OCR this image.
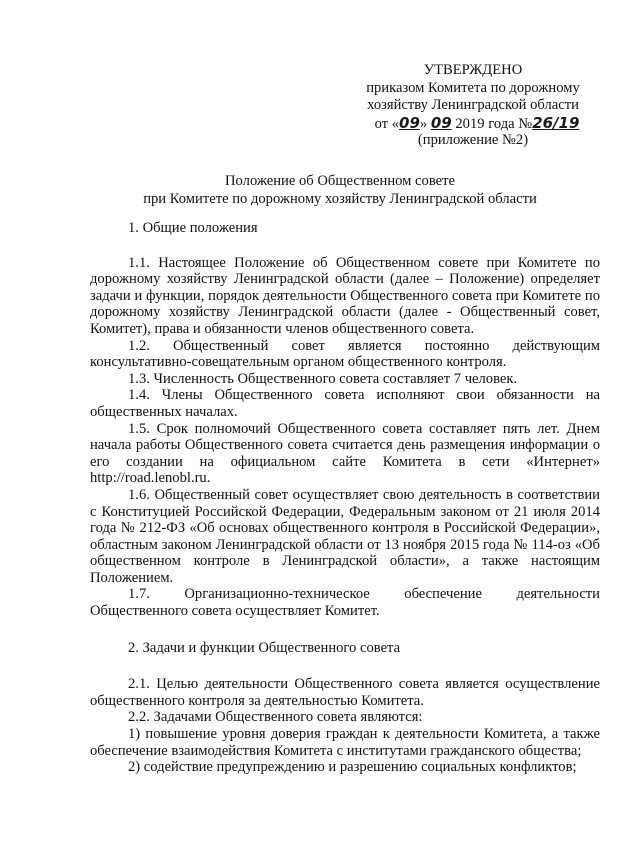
УТВЕРЖДЕНО
приказом Комитета по дорожному
хозяйству Ленинградской области
от «09» 09 2019 года №26/19
(приложение №2)
Положение об Общественном совете
при Комитете по дорожному хозяйству Ленинградской области

1. Общие положения

1.1. Настоящее Положение об Общественном совете при Комитете по дорожному хозяйству Ленинградской области (далее – Положение) определяет задачи и функции, порядок деятельности Общественного совета при Комитете по дорожному хозяйству Ленинградской области (далее - Общественный совет, Комитет), права и обязанности членов общественного совета.

1.2. Общественный совет является постоянно действующим консультативно-совещательным органом общественного контроля.

1.3. Численность Общественного совета составляет 7 человек.

1.4. Члены Общественного совета исполняют свои обязанности на общественных началах.

1.5. Срок полномочий Общественного совета составляет пять лет. Днем начала работы Общественного совета считается день размещения информации о его создании на официальном сайте Комитета в сети «Интернет» http://road.lenobl.ru.

1.6. Общественный совет осуществляет свою деятельность в соответствии с Конституцией Российской Федерации, Федеральным законом от 21 июля 2014 года № 212-ФЗ «Об основах общественного контроля в Российской Федерации», областным законом Ленинградской области от 13 ноября 2015 года № 114-оз «Об общественном контроле в Ленинградской области», а также настоящим Положением.

1.7. Организационно-техническое обеспечение деятельности Общественного совета осуществляет Комитет.

2. Задачи и функции Общественного совета

2.1. Целью деятельности Общественного совета является осуществление общественного контроля за деятельностью Комитета.

2.2. Задачами Общественного совета являются:

1) повышение уровня доверия граждан к деятельности Комитета, а также обеспечение взаимодействия Комитета с институтами гражданского общества;

2) содействие предупреждению и разрешению социальных конфликтов;
